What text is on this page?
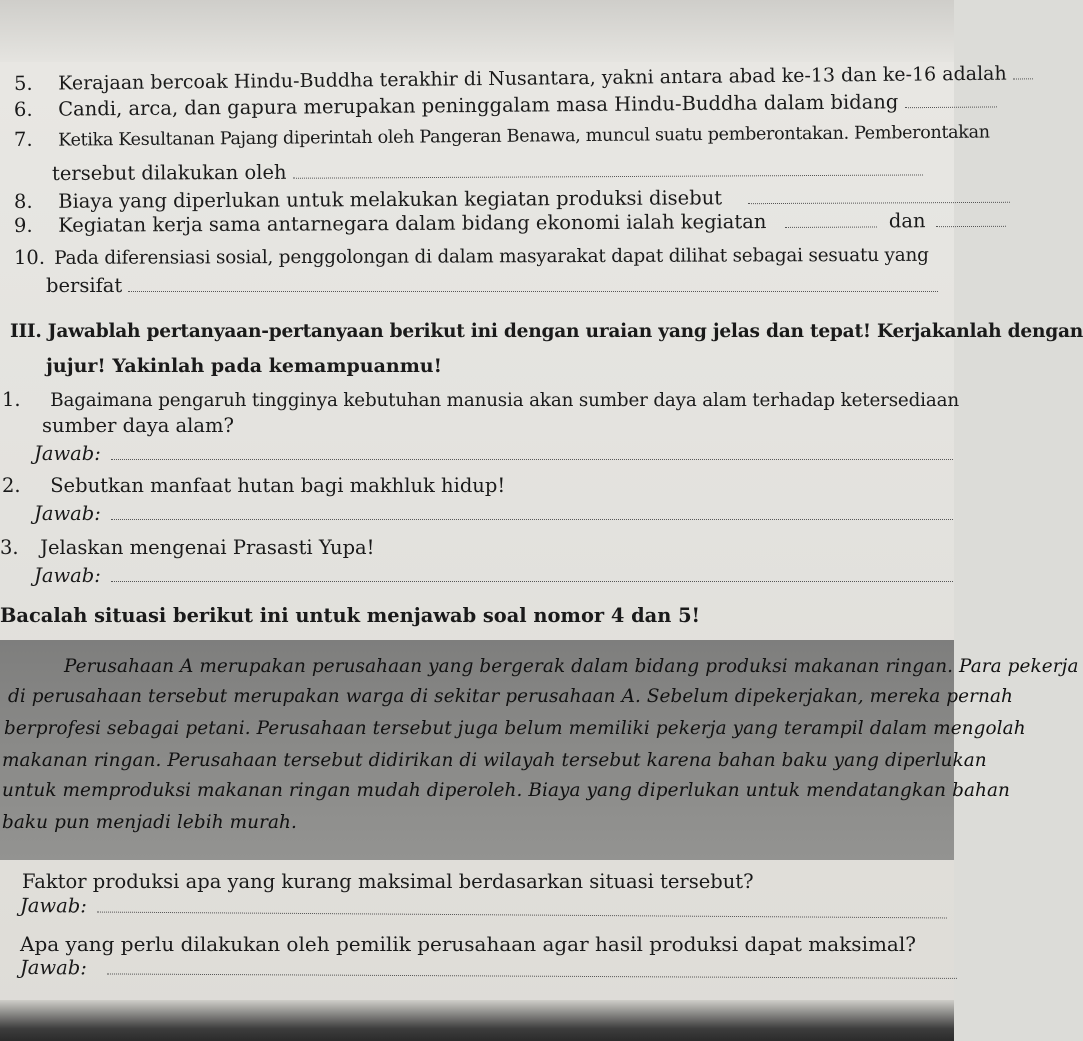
5. Kerajaan bercoak Hindu-Buddha terakhir di Nusantara, yakni antara abad ke-13 dan ke-16 adalah
6. Candi, arca, dan gapura merupakan peninggalam masa Hindu-Buddha dalam bidang
7. Ketika Kesultanan Pajang diperintah oleh Pangeran Benawa, muncul suatu pemberontakan. Pemberontakan
tersebut dilakukan oleh
8. Biaya yang diperlukan untuk melakukan kegiatan produksi disebut
9. Kegiatan kerja sama antarnegara dalam bidang ekonomi ialah kegiatan	dan
10. Pada diferensiasi sosial, penggolongan di dalam masyarakat dapat dilihat sebagai sesuatu yang
bersifat
III. Jawablah pertanyaan-pertanyaan berikut ini dengan uraian yang jelas dan tepat! Kerjakanlah dengan
jujur! Yakinlah pada kemampuanmu!
1. Bagaimana pengaruh tingginya kebutuhan manusia akan sumber daya alam terhadap ketersediaan
sumber daya alam?
Jawab:
2. Sebutkan manfaat hutan bagi makhluk hidup!
Jawab:
3. Jelaskan mengenai Prasasti Yupa!
Jawab:
Bacalah situasi berikut ini untuk menjawab soal nomor 4 dan 5!
Perusahaan A merupakan perusahaan yang bergerak dalam bidang produksi makanan ringan. Para pekerja
di perusahaan tersebut merupakan warga di sekitar perusahaan A. Sebelum dipekerjakan, mereka pernah
berprofesi sebagai petani. Perusahaan tersebut juga belum memiliki pekerja yang terampil dalam mengolah
makanan ringan. Perusahaan tersebut didirikan di wilayah tersebut karena bahan baku yang diperlukan
untuk memproduksi makanan ringan mudah diperoleh. Biaya yang diperlukan untuk mendatangkan bahan
baku pun menjadi lebih murah.
Faktor produksi apa yang kurang maksimal berdasarkan situasi tersebut?
Jawab:
Apa yang perlu dilakukan oleh pemilik perusahaan agar hasil produksi dapat maksimal?
Jawab:
